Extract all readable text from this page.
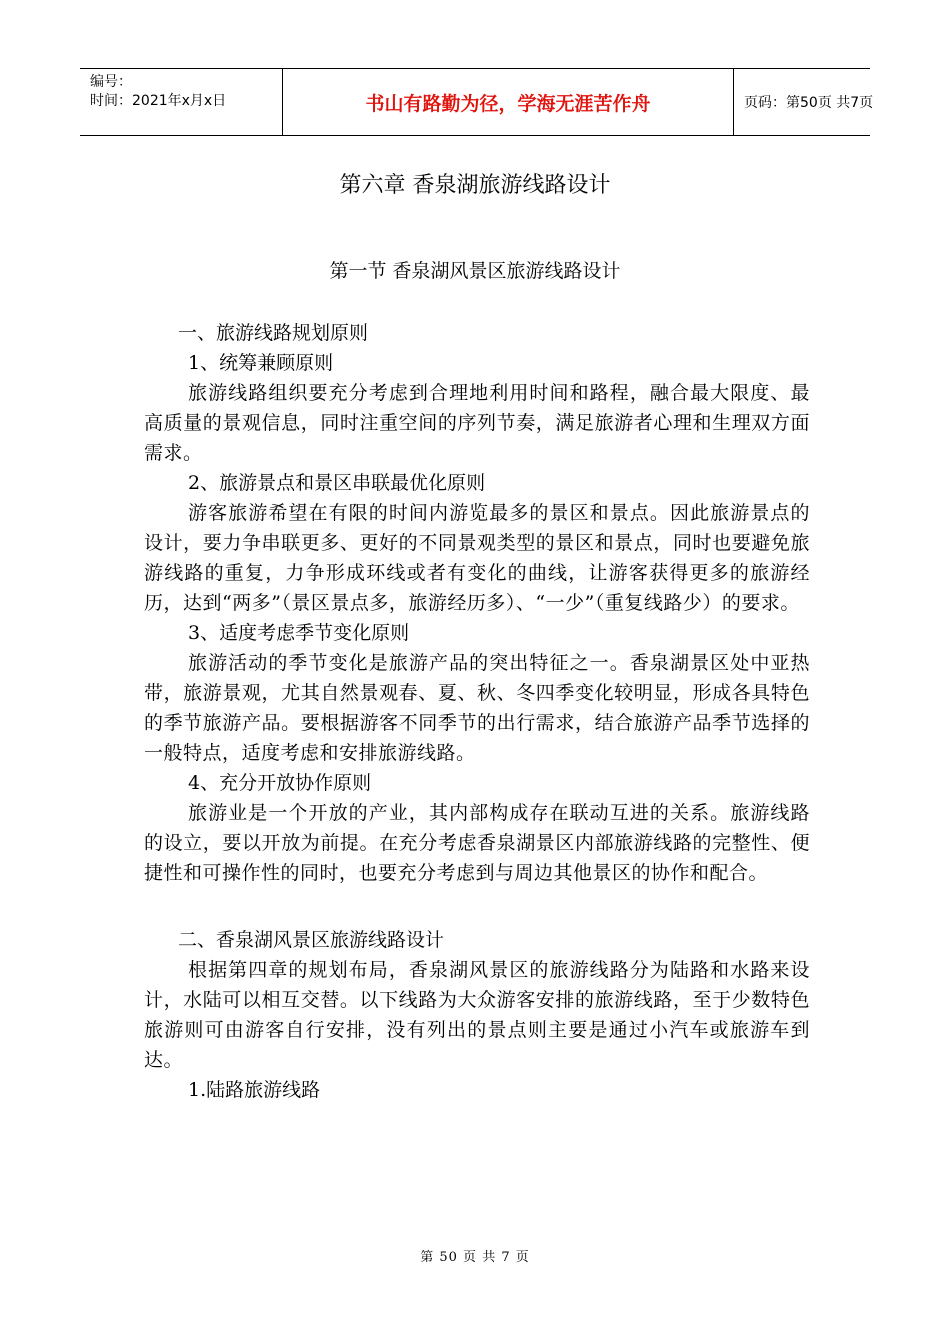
编号：
时间：2021年x月x日	书山有路勤为径，学海无涯苦作舟	页码：第50页 共7页
第六章 香泉湖旅游线路设计
第一节 香泉湖风景区旅游线路设计

一、旅游线路规划原则

1、统筹兼顾原则

旅游线路组织要充分考虑到合理地利用时间和路程，融合最大限度、最高质量的景观信息，同时注重空间的序列节奏，满足旅游者心理和生理双方面需求。

2、旅游景点和景区串联最优化原则

游客旅游希望在有限的时间内游览最多的景区和景点。因此旅游景点的设计，要力争串联更多、更好的不同景观类型的景区和景点，同时也要避免旅游线路的重复，力争形成环线或者有变化的曲线，让游客获得更多的旅游经历，达到“两多”（景区景点多，旅游经历多）、“一少”（重复线路少）的要求。

3、适度考虑季节变化原则

旅游活动的季节变化是旅游产品的突出特征之一。香泉湖景区处中亚热带，旅游景观，尤其自然景观春、夏、秋、冬四季变化较明显，形成各具特色的季节旅游产品。要根据游客不同季节的出行需求，结合旅游产品季节选择的一般特点，适度考虑和安排旅游线路。

4、充分开放协作原则

旅游业是一个开放的产业，其内部构成存在联动互进的关系。旅游线路的设立，要以开放为前提。在充分考虑香泉湖景区内部旅游线路的完整性、便捷性和可操作性的同时，也要充分考虑到与周边其他景区的协作和配合。

二、香泉湖风景区旅游线路设计

根据第四章的规划布局，香泉湖风景区的旅游线路分为陆路和水路来设计，水陆可以相互交替。以下线路为大众游客安排的旅游线路，至于少数特色旅游则可由游客自行安排，没有列出的景点则主要是通过小汽车或旅游车到达。

1.陆路旅游线路

第 50 页 共 7 页
